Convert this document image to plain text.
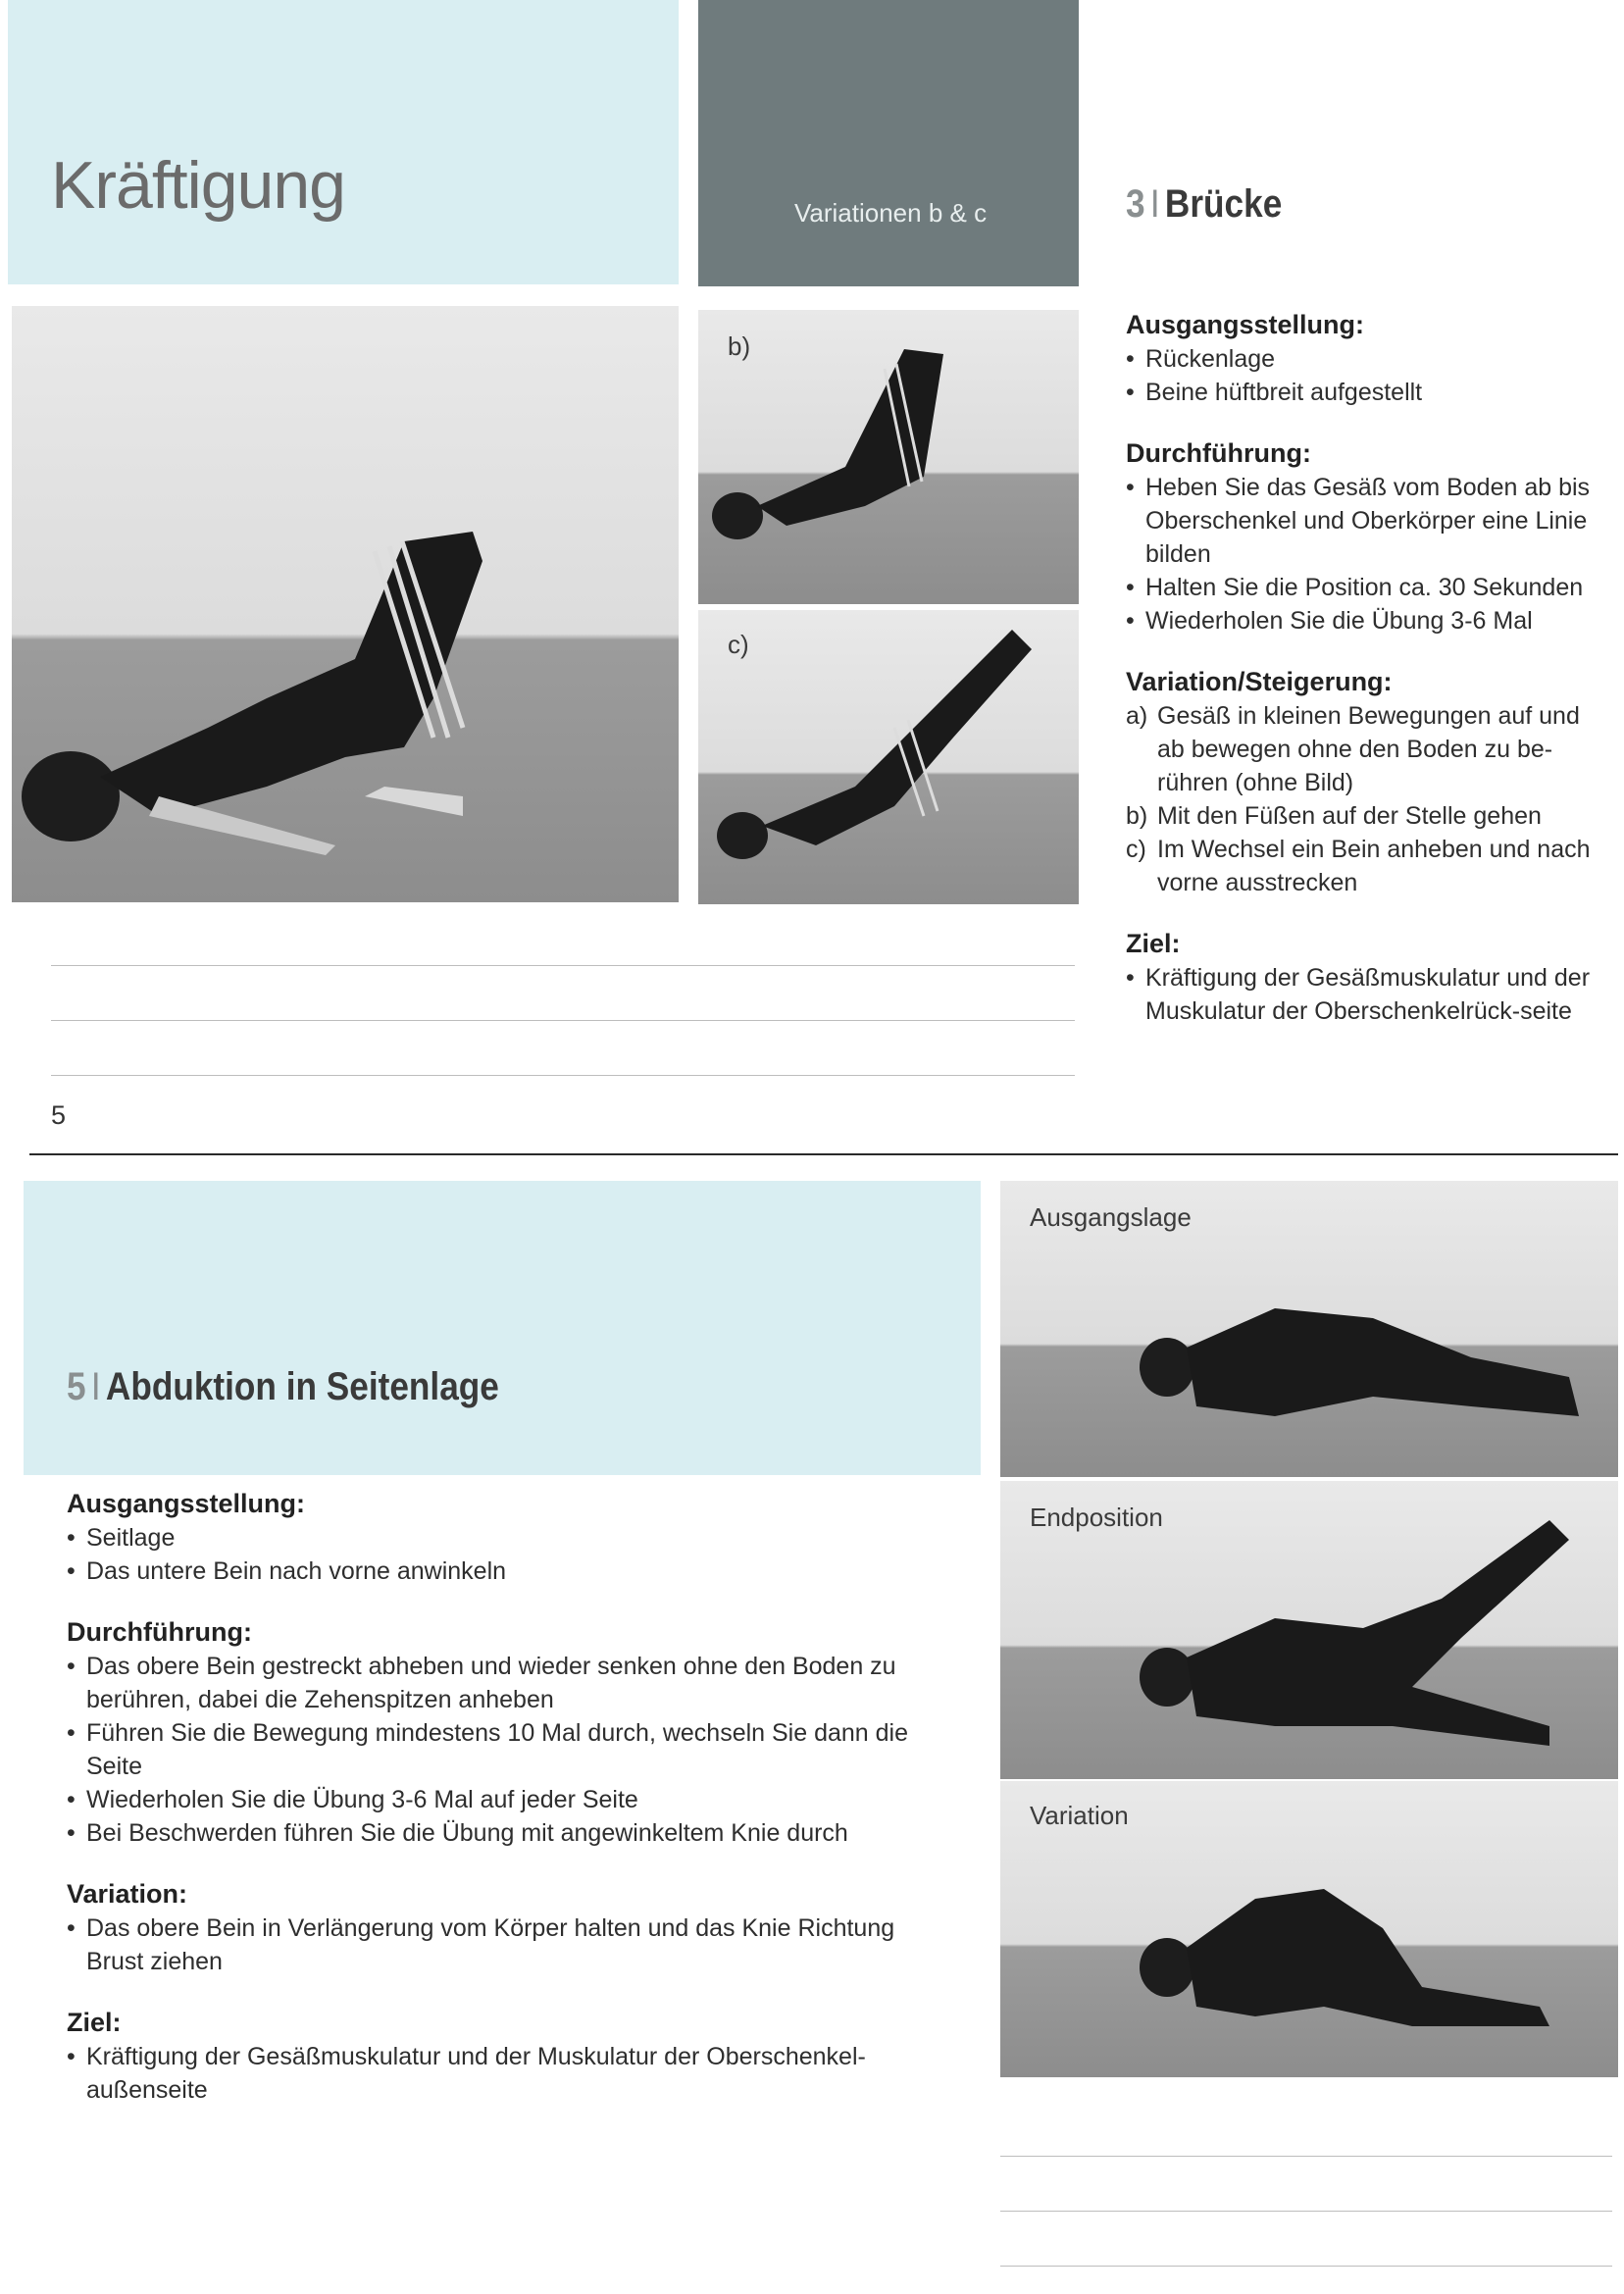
Kräftigung	Variationen b & c	3 I Brücke
b)
c)
Ausgangsstellung:
• Rückenlage
• Beine hüftbreit aufgestellt
Durchführung:
• Heben Sie das Gesäß vom Boden ab bis Oberschenkel und Oberkörper eine Linie bilden
• Halten Sie die Position ca. 30 Sekunden
• Wiederholen Sie die Übung 3-6 Mal
Variation/Steigerung:
a) Gesäß in kleinen Bewegungen auf und ab bewegen ohne den Boden zu be-rühren (ohne Bild)
b) Mit den Füßen auf der Stelle gehen
c) Im Wechsel ein Bein anheben und nach vorne ausstrecken
Ziel:
• Kräftigung der Gesäßmuskulatur und der Muskulatur der Oberschenkelrück-seite
5
5 I Abduktion in Seitenlage
Ausgangslage
Endposition
Variation
Ausgangsstellung:
• Seitlage
• Das untere Bein nach vorne anwinkeln
Durchführung:
• Das obere Bein gestreckt abheben und wieder senken ohne den Boden zu berühren, dabei die Zehenspitzen anheben
• Führen Sie die Bewegung mindestens 10 Mal durch, wechseln Sie dann die Seite
• Wiederholen Sie die Übung 3-6 Mal auf jeder Seite
• Bei Beschwerden führen Sie die Übung mit angewinkeltem Knie durch
Variation:
• Das obere Bein in Verlängerung vom Körper halten und das Knie Richtung Brust ziehen
Ziel:
• Kräftigung der Gesäßmuskulatur und der Muskulatur der Oberschenkel-außenseite
